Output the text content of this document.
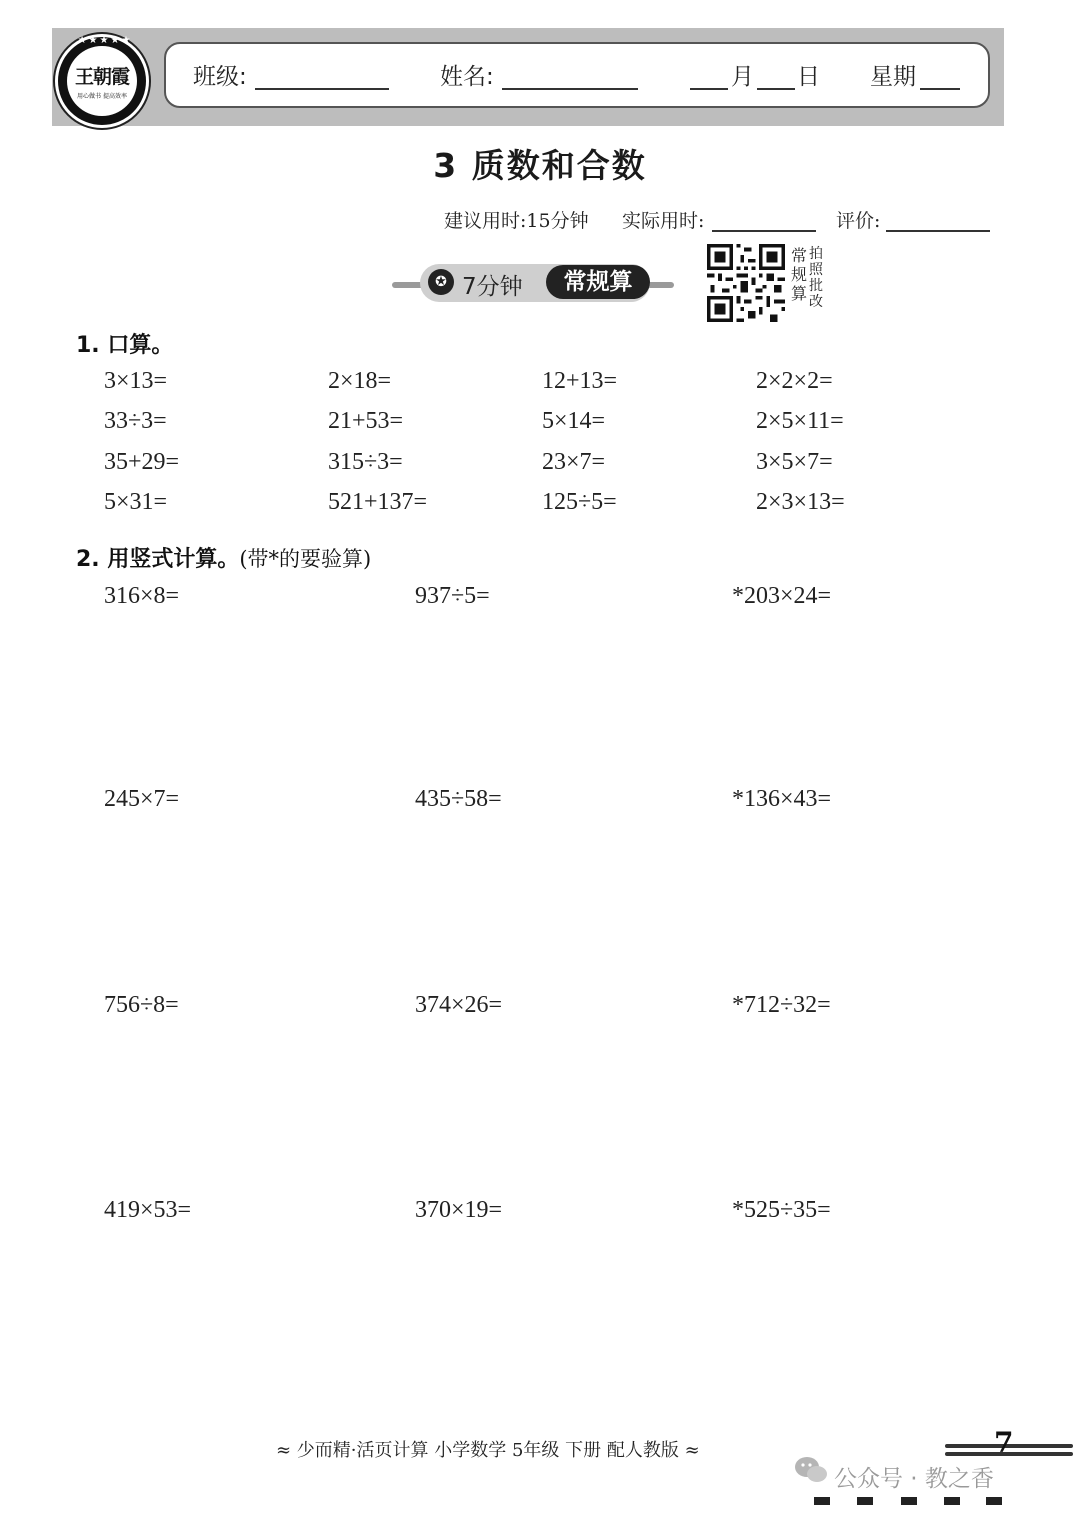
★★★★★
王朝霞
用心做书 提高效率
班级:	姓名:	月 日 星期
3 质数和合数
建议用时:15分钟 实际用时:	评价:
✪ 7分钟	常规算
常规算
拍照批改
1. 口算。
3×13=	2×18=	12+13=	2×2×2=
33÷3=	21+53=	5×14=	2×5×11=
35+29=	315÷3=	23×7=	3×5×7=
5×31=	521+137=	125÷5=	2×3×13=
2. 用竖式计算。(带*的要验算)
316×8=	937÷5=	*203×24=
245×7=	435÷58=	*136×43=
756÷8=	374×26=	*712÷32=
419×53=	370×19=	*525÷35=
≈ 少而精·活页计算 小学数学 5年级 下册 配人教版 ≈	7
公众号 · 教之香
